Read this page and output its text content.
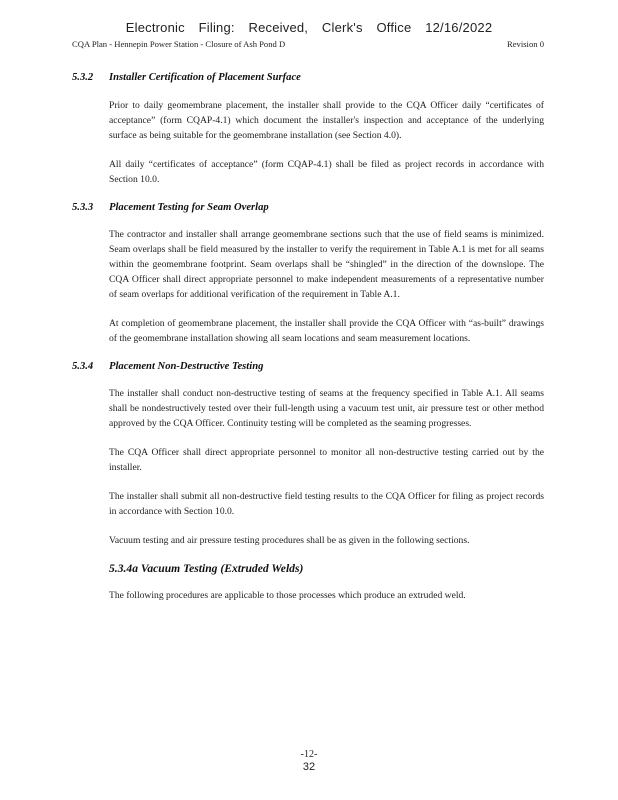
Electronic Filing: Received, Clerk's Office 12/16/2022
CQA Plan - Hennepin Power Station - Closure of Ash Pond D	Revision 0
5.3.2	Installer Certification of Placement Surface

Prior to daily geomembrane placement, the installer shall provide to the CQA Officer daily “certificates of acceptance” (form CQAP-4.1) which document the installer's inspection and acceptance of the underlying surface as being suitable for the geomembrane installation (see Section 4.0).

All daily “certificates of acceptance” (form CQAP-4.1) shall be filed as project records in accordance with Section 10.0.

5.3.3	Placement Testing for Seam Overlap

The contractor and installer shall arrange geomembrane sections such that the use of field seams is minimized. Seam overlaps shall be field measured by the installer to verify the requirement in Table A.1 is met for all seams within the geomembrane footprint. Seam overlaps shall be “shingled” in the direction of the downslope. The CQA Officer shall direct appropriate personnel to make independent measurements of a representative number of seam overlaps for additional verification of the requirement in Table A.1.

At completion of geomembrane placement, the installer shall provide the CQA Officer with “as-built” drawings of the geomembrane installation showing all seam locations and seam measurement locations.

5.3.4	Placement Non-Destructive Testing

The installer shall conduct non-destructive testing of seams at the frequency specified in Table A.1. All seams shall be nondestructively tested over their full-length using a vacuum test unit, air pressure test or other method approved by the CQA Officer. Continuity testing will be completed as the seaming progresses.

The CQA Officer shall direct appropriate personnel to monitor all non-destructive testing carried out by the installer.

The installer shall submit all non-destructive field testing results to the CQA Officer for filing as project records in accordance with Section 10.0.

Vacuum testing and air pressure testing procedures shall be as given in the following sections.

5.3.4a
Vacuum Testing (Extruded Welds)

The following procedures are applicable to those processes which produce an extruded weld.

-12-
32
